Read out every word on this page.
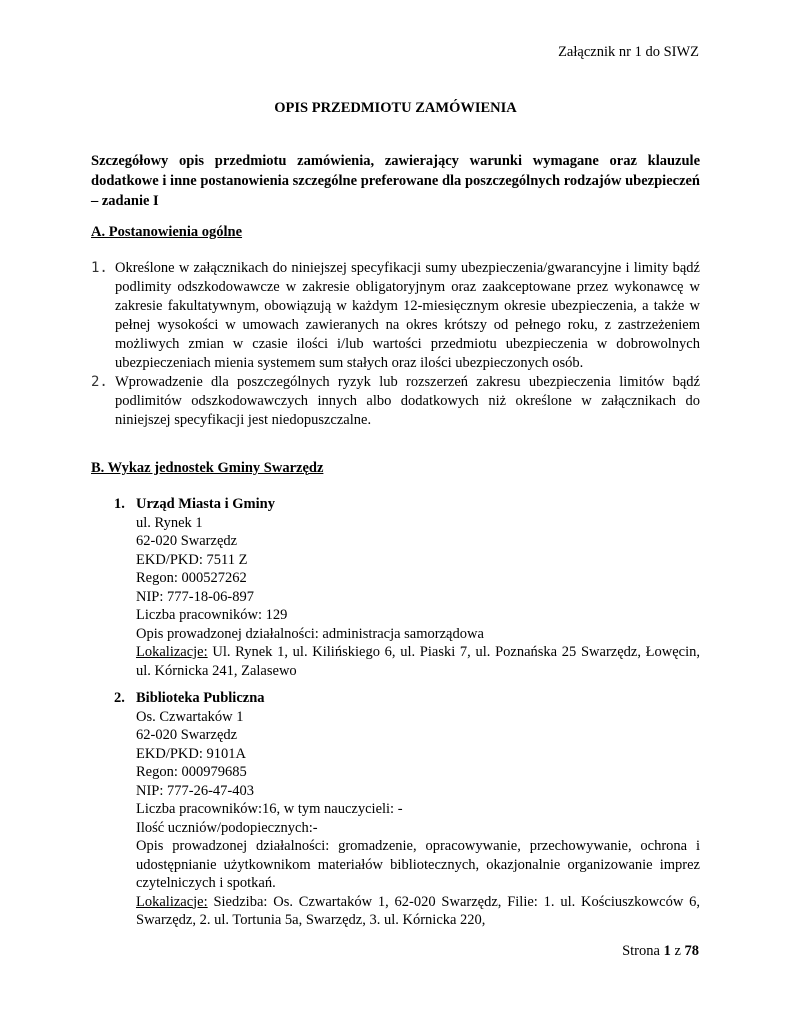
Załącznik nr 1 do SIWZ
OPIS PRZEDMIOTU ZAMÓWIENIA
Szczegółowy opis przedmiotu zamówienia, zawierający warunki wymagane oraz klauzule dodatkowe i inne postanowienia szczególne preferowane dla poszczególnych rodzajów ubezpieczeń – zadanie I
A. Postanowienia ogólne
1. Określone w załącznikach do niniejszej specyfikacji sumy ubezpieczenia/gwarancyjne i limity bądź podlimity odszkodowawcze w zakresie obligatoryjnym oraz zaakceptowane przez wykonawcę w zakresie fakultatywnym, obowiązują w każdym 12-miesięcznym okresie ubezpieczenia, a także w pełnej wysokości w umowach zawieranych na okres krótszy od pełnego roku, z zastrzeżeniem możliwych zmian w czasie ilości i/lub wartości przedmiotu ubezpieczenia w dobrowolnych ubezpieczeniach mienia systemem sum stałych oraz ilości ubezpieczonych osób.
2. Wprowadzenie dla poszczególnych ryzyk lub rozszerzeń zakresu ubezpieczenia limitów bądź podlimitów odszkodowawczych innych albo dodatkowych niż określone w załącznikach do niniejszej specyfikacji jest niedopuszczalne.
B. Wykaz jednostek Gminy Swarzędz
1. Urząd Miasta i Gminy
ul. Rynek 1
62-020 Swarzędz
EKD/PKD: 7511 Z
Regon: 000527262
NIP: 777-18-06-897
Liczba pracowników: 129
Opis prowadzonej działalności: administracja samorządowa
Lokalizacje: Ul. Rynek 1, ul. Kilińskiego 6, ul. Piaski 7, ul. Poznańska 25 Swarzędz, Łowęcin, ul. Kórnicka 241, Zalasewo
2. Biblioteka Publiczna
Os. Czwartaków 1
62-020 Swarzędz
EKD/PKD: 9101A
Regon: 000979685
NIP: 777-26-47-403
Liczba pracowników:16, w tym nauczycieli: -
Ilość uczniów/podopiecznych:-
Opis prowadzonej działalności: gromadzenie, opracowywanie, przechowywanie, ochrona i udostępnianie użytkownikom materiałów bibliotecznych, okazjonalnie organizowanie imprez czytelniczych i spotkań.
Lokalizacje: Siedziba: Os. Czwartaków 1, 62-020 Swarzędz, Filie: 1. ul. Kościuszkowców 6, Swarzędz, 2. ul. Tortunia 5a, Swarzędz, 3. ul. Kórnicka 220,
Strona 1 z 78
